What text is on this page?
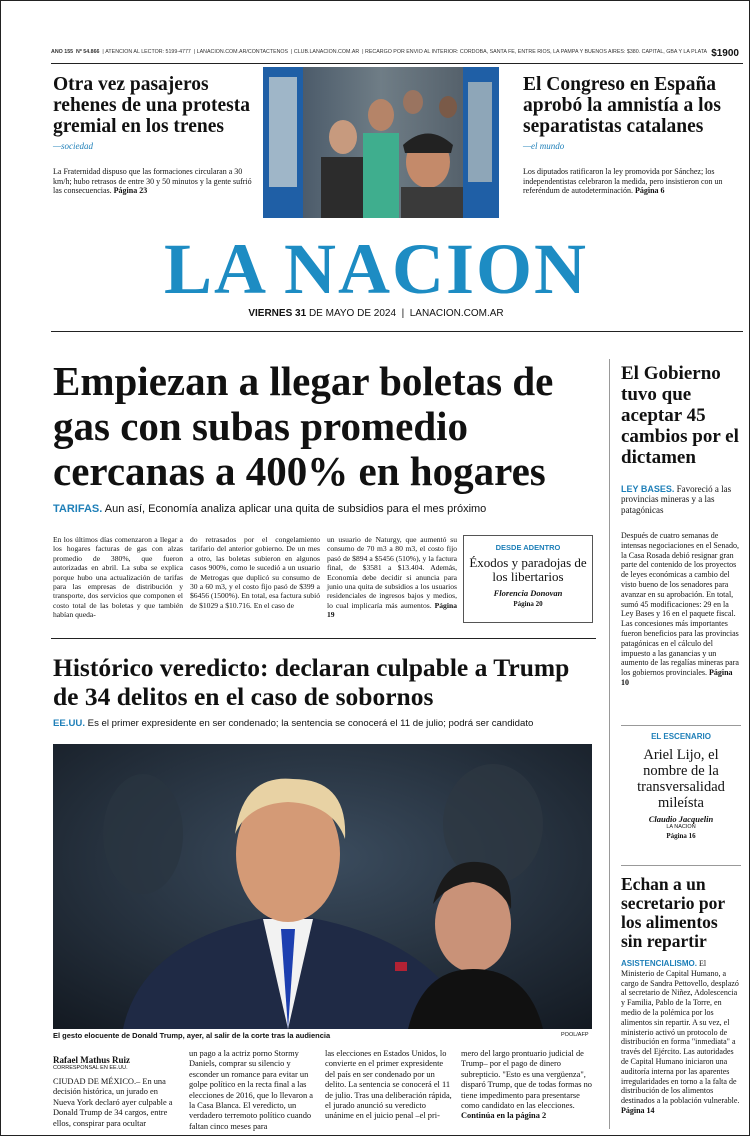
AÑO 155 Nº 54.866  | ATENCIÓN AL LECTOR: 5199-4777  | LANACION.COM.AR/CONTACTENOS  | CLUB.LANACION.COM.AR  | RECARGO POR ENVÍO AL INTERIOR: CÓRDOBA, SANTA FE, ENTRE RÍOS, LA PAMPA Y BUENOS AIRES: $380. CAPITAL, GBA Y LA PLATA $1900
Otra vez pasajeros rehenes de una protesta gremial en los trenes
—sociedad
La Fraternidad dispuso que las formaciones circularan a 30 km/h; hubo retrasos de entre 30 y 50 minutos y la gente sufrió las consecuencias. Página 23
El Congreso en España aprobó la amnistía a los separatistas catalanes
—el mundo
Los diputados ratificaron la ley promovida por Sánchez; los independentistas celebraron la medida, pero insistieron con un referéndum de autodeterminación. Página 6
LA NACION
VIERNES 31 DE MAYO DE 2024  |  LANACION.COM.AR
Empiezan a llegar boletas de gas con subas promedio cercanas a 400% en hogares
TARIFAS. Aun así, Economía analiza aplicar una quita de subsidios para el mes próximo
En los últimos días comenzaron a llegar a los hogares facturas de gas con alzas promedio de 380%, que fueron autorizadas en abril. La suba se explica porque hubo una actualización de tarifas para las empresas de distribución y transporte, dos servicios que componen el costo total de las boletas y que también habían queda-
do retrasados por el congelamiento tarifario del anterior gobierno. De un mes a otro, las boletas subieron en algunos casos 900%, como le sucedió a un usuario de Metrogas que duplicó su consumo de 30 a 60 m3, y el costo fijo pasó de $399 a $6456 (1500%). En total, esa factura subió de $1029 a $10.716. En el caso de
un usuario de Naturgy, que aumentó su consumo de 70 m3 a 80 m3, el costo fijo pasó de $894 a $5456 (510%), y la factura final, de $3581 a $13.404. Además, Economía debe decidir si anuncia para junio una quita de subsidios a los usuarios residenciales de ingresos bajos y medios, lo cual implicaría más aumentos. Página 19
DESDE ADENTRO
Éxodos y paradojas de los libertarios
Florencia Donovan
Página 20
Histórico veredicto: declaran culpable a Trump de 34 delitos en el caso de sobornos
EE.UU. Es el primer expresidente en ser condenado; la sentencia se conocerá el 11 de julio; podrá ser candidato
El gesto elocuente de Donald Trump, ayer, al salir de la corte tras la audiencia	POOL/AFP
Rafael Mathus Ruiz
CORRESPONSAL EN EE.UU.
CIUDAD DE MÉXICO.– En una decisión histórica, un jurado en Nueva York declaró ayer culpable a Donald Trump de 34 cargos, entre ellos, conspirar para ocultar
un pago a la actriz porno Stormy Daniels, comprar su silencio y esconder un romance para evitar un golpe político en la recta final a las elecciones de 2016, que lo llevaron a la Casa Blanca. El veredicto, un verdadero terremoto político cuando faltan cinco meses para
las elecciones en Estados Unidos, lo convierte en el primer expresidente del país en ser condenado por un delito. La sentencia se conocerá el 11 de julio. Tras una deliberación rápida, el jurado anunció su veredicto unánime en el juicio penal –el pri-
mero del largo prontuario judicial de Trump– por el pago de dinero subrepticio. "Esto es una vergüenza", disparó Trump, que de todas formas no tiene impedimento para presentarse como candidato en las elecciones. Continúa en la página 2
El Gobierno tuvo que aceptar 45 cambios por el dictamen
LEY BASES. Favoreció a las provincias mineras y a las patagónicas
Después de cuatro semanas de intensas negociaciones en el Senado, la Casa Rosada debió resignar gran parte del contenido de los proyectos de leyes económicas a cambio del visto bueno de los senadores para avanzar en su aprobación. En total, sumó 45 modificaciones: 29 en la Ley Bases y 16 en el paquete fiscal. Las concesiones más importantes fueron beneficios para las provincias patagónicas en el cálculo del impuesto a las ganancias y un aumento de las regalías mineras para los gobiernos provinciales. Página 10
EL ESCENARIO
Ariel Lijo, el nombre de la transversalidad mileísta
Claudio Jacquelin
LA NACION
Página 16
Echan a un secretario por los alimentos sin repartir
ASISTENCIALISMO. El Ministerio de Capital Humano, a cargo de Sandra Pettovello, desplazó al secretario de Niñez, Adolescencia y Familia, Pablo de la Torre, en medio de la polémica por los alimentos sin repartir. A su vez, el ministerio activó un protocolo de distribución en forma "inmediata" a través del Ejército. Las autoridades de Capital Humano iniciaron una auditoría interna por las aparentes irregularidades en torno a la falta de distribución de los alimentos destinados a la población vulnerable. Página 14
